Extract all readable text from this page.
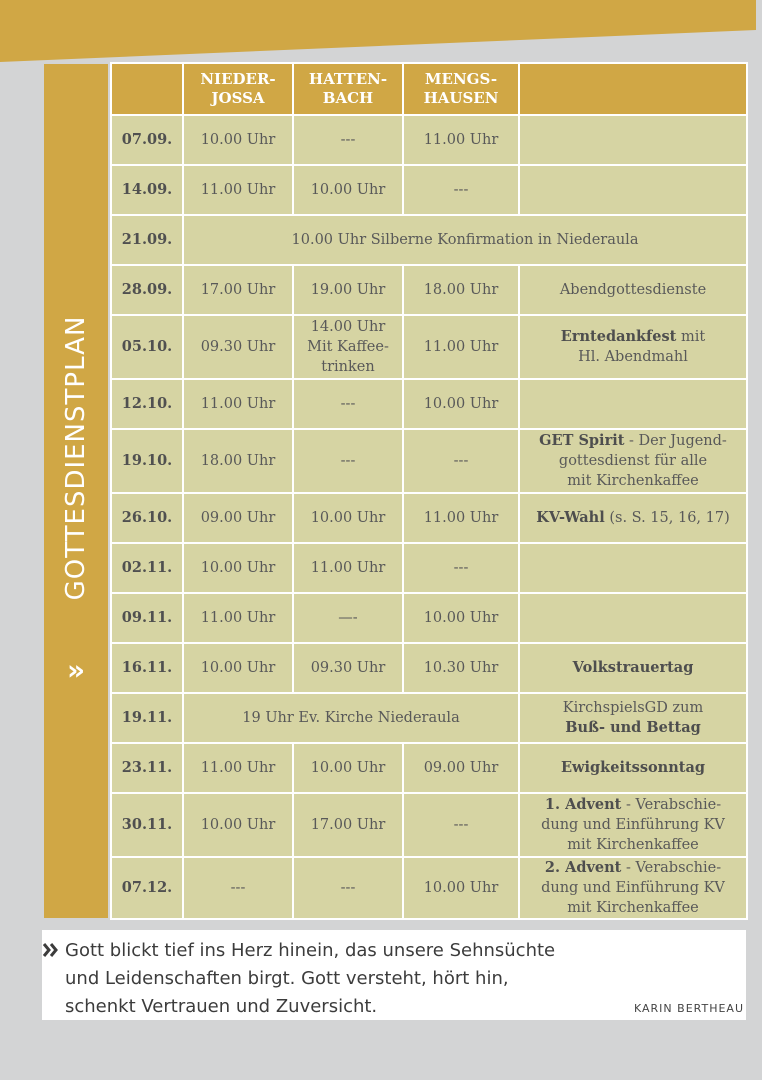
GOTTESDIENSTPLAN
»
	NIEDER-
JOSSA	HATTEN-
BACH	MENGS-
HAUSEN	
07.09.	10.00 Uhr	---	11.00 Uhr	
14.09.	11.00 Uhr	10.00 Uhr	---	
21.09.	10.00 Uhr Silberne Konfirmation in Niederaula			
28.09.	17.00 Uhr	19.00 Uhr	18.00 Uhr	Abendgottesdienste
05.10.	09.30 Uhr	14.00 Uhr
Mit Kaffee-
trinken	11.00 Uhr	Erntedankfest mit
Hl. Abendmahl
12.10.	11.00 Uhr	---	10.00 Uhr	
19.10.	18.00 Uhr	---	---	GET Spirit - Der Jugend-
gottesdienst für alle
mit Kirchenkaffee
26.10.	09.00 Uhr	10.00 Uhr	11.00 Uhr	KV-Wahl (s. S. 15, 16, 17)
02.11.	10.00 Uhr	11.00 Uhr	---	
09.11.	11.00 Uhr	—-	10.00 Uhr	
16.11.	10.00 Uhr	09.30 Uhr	10.30 Uhr	Volkstrauertag
19.11.	19 Uhr Ev. Kirche Niederaula			KirchspielsGD zum
Buß- und Bettag
23.11.	11.00 Uhr	10.00 Uhr	09.00 Uhr	Ewigkeitssonntag
30.11.	10.00 Uhr	17.00 Uhr	---	1. Advent - Verabschie-
dung und Einführung KV
mit Kirchenkaffee
07.12.	---	---	10.00 Uhr	2. Advent - Verabschie-
dung und Einführung KV
mit Kirchenkaffee
Gott blickt tief ins Herz hinein, das unsere Sehnsüchte
und Leidenschaften birgt. Gott versteht, hört hin,
schenkt Vertrauen und Zuversicht.	KARIN BERTHEAU
